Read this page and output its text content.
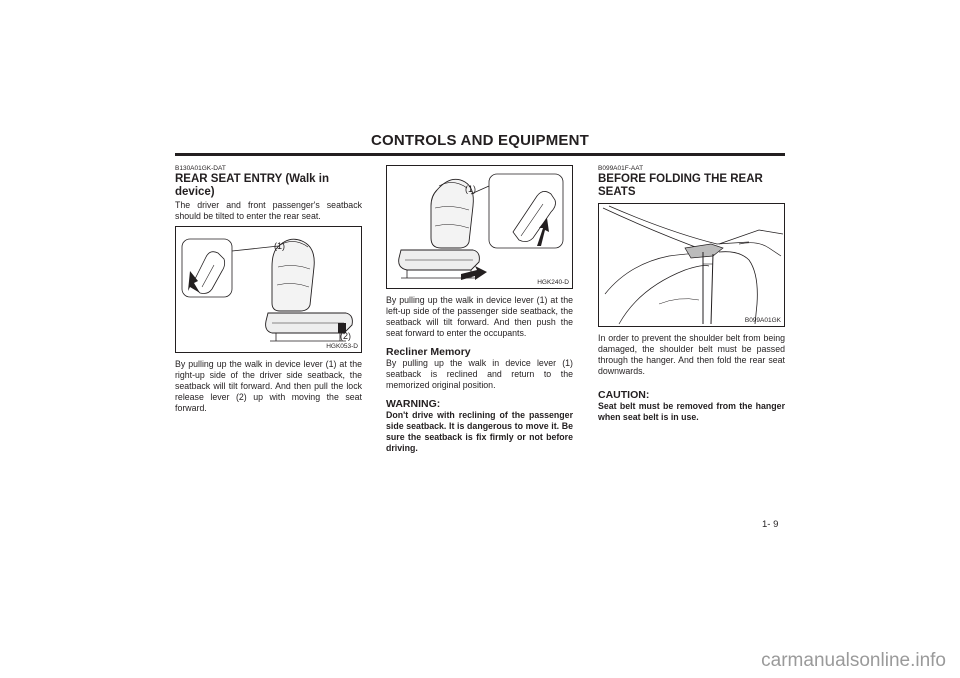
CONTROLS AND EQUIPMENT

B130A01GK-DAT

REAR SEAT ENTRY (Walk in device)

The driver and front passenger's seatback should be tilted to enter the rear seat.

(1)
(2)
HGK053-D

By pulling up the walk in device lever (1) at the right-up side of the driver side seatback, the seatback will tilt forward. And then pull the lock release lever (2) up with moving the seat forward.

(1)
HGK240-D

By pulling up the walk in device lever (1) at the left-up side of the passenger side seatback, the seatback will tilt forward. And then push the seat forward to enter the occupants.

Recliner Memory

By pulling up the walk in device lever (1) seatback is reclined and return to the memorized original position.

WARNING:

Don't drive with reclining of the passenger side seatback. It is dangerous to move it. Be sure the seatback is fix firmly or not before driving.

B099A01F-AAT

BEFORE FOLDING THE REAR SEATS
B099A01GK

In order to prevent the shoulder belt from being damaged, the shoulder belt must be passed through the hanger. And then fold the rear seat downwards.

CAUTION:

Seat belt must be removed from the hanger when seat belt is in use.

1- 9
carmanualsonline.info
